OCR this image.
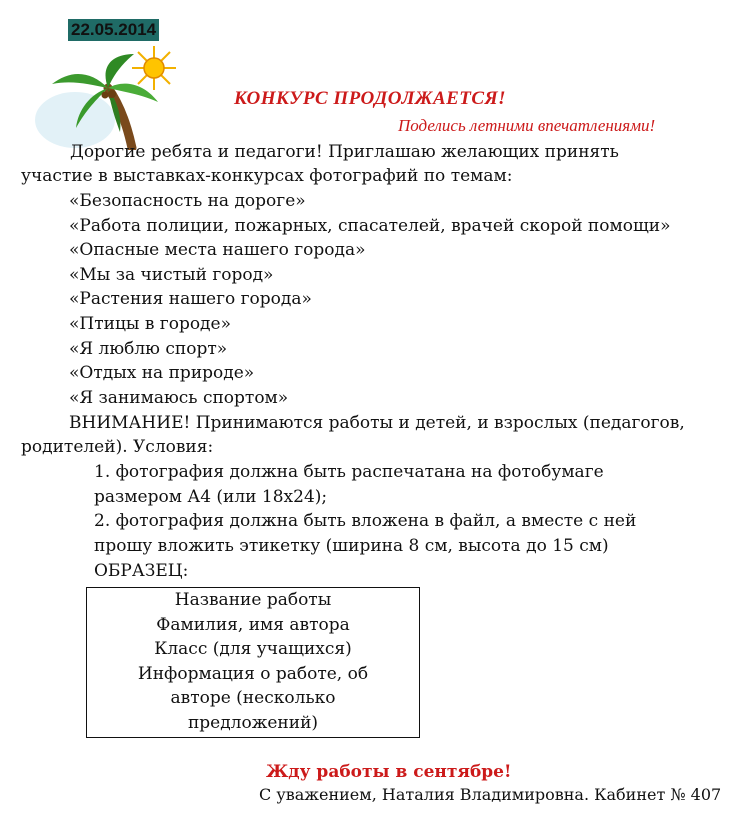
22.05.2014
КОНКУРС ПРОДОЛЖАЕТСЯ!
Поделись летними впечатлениями!
Дорогие ребята и педагоги! Приглашаю желающих принять
участие в выставках-конкурсах фотографий по темам:
«Безопасность на дороге»
«Работа полиции, пожарных, спасателей, врачей скорой помощи»
«Опасные места нашего города»
«Мы за чистый город»
«Растения нашего города»
«Птицы в городе»
«Я люблю спорт»
«Отдых на природе»
«Я занимаюсь спортом»
ВНИМАНИЕ! Принимаются работы и детей, и взрослых (педагогов,
родителей). Условия:
1. фотография должна быть распечатана на фотобумаге
размером А4 (или 18х24);
2. фотография должна быть вложена в файл, а вместе с ней
прошу вложить этикетку (ширина 8 см, высота до 15 см)
ОБРАЗЕЦ:
Название работы
Фамилия, имя автора
Класс (для учащихся)
Информация о работе, об
авторе (несколько
предложений)
Жду работы в сентябре!
С уважением, Наталия Владимировна. Кабинет № 407
